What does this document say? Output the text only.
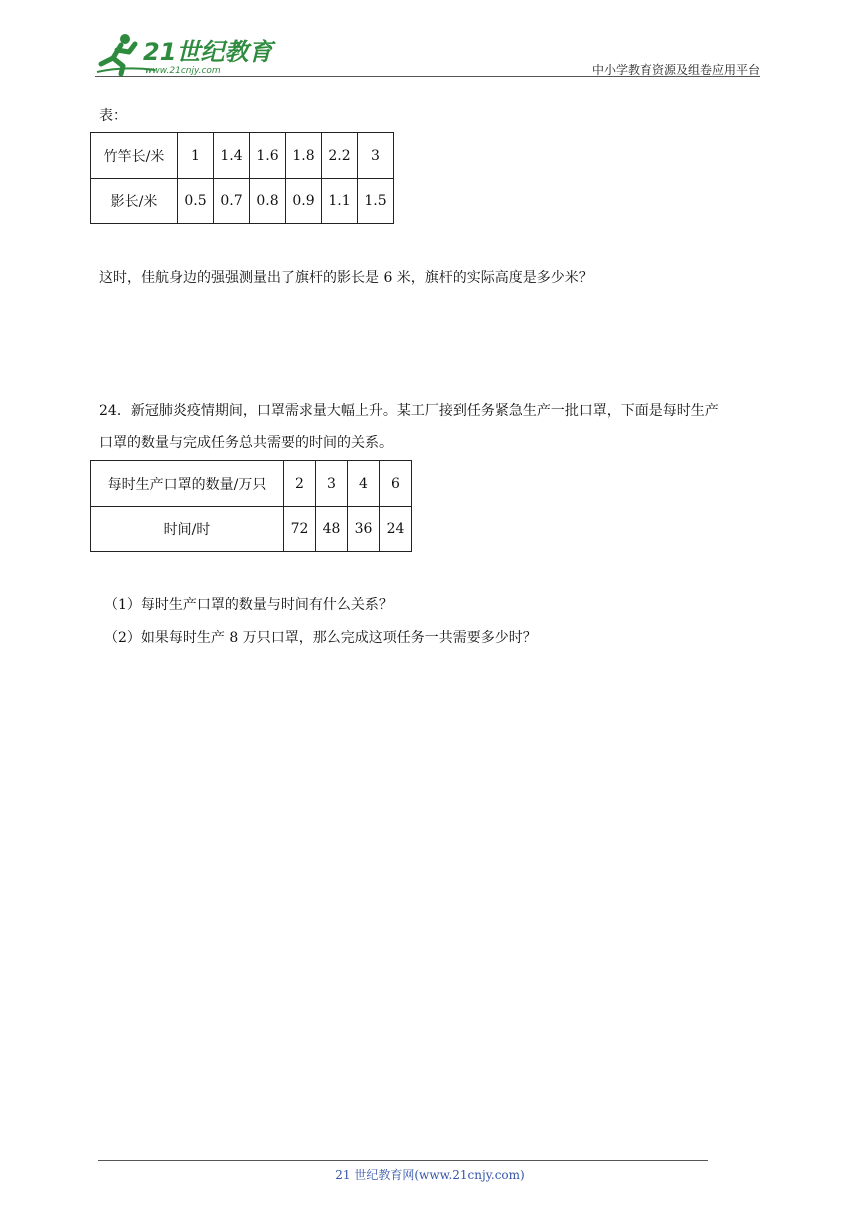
21世纪教育
www.21cnjy.com	中小学教育资源及组卷应用平台
表：
竹竿长/米	1	1.4	1.6	1.8	2.2	3
影长/米	0.5	0.7	0.8	0.9	1.1	1.5
这时，佳航身边的强强测量出了旗杆的影长是 6 米，旗杆的实际高度是多少米？
24．新冠肺炎疫情期间，口罩需求量大幅上升。某工厂接到任务紧急生产一批口罩，下面是每时生产
口罩的数量与完成任务总共需要的时间的关系。
每时生产口罩的数量/万只	2	3	4	6
时间/时	72	48	36	24
（1）每时生产口罩的数量与时间有什么关系？
（2）如果每时生产 8 万只口罩，那么完成这项任务一共需要多少时？
21 世纪教育网(www.21cnjy.com)
